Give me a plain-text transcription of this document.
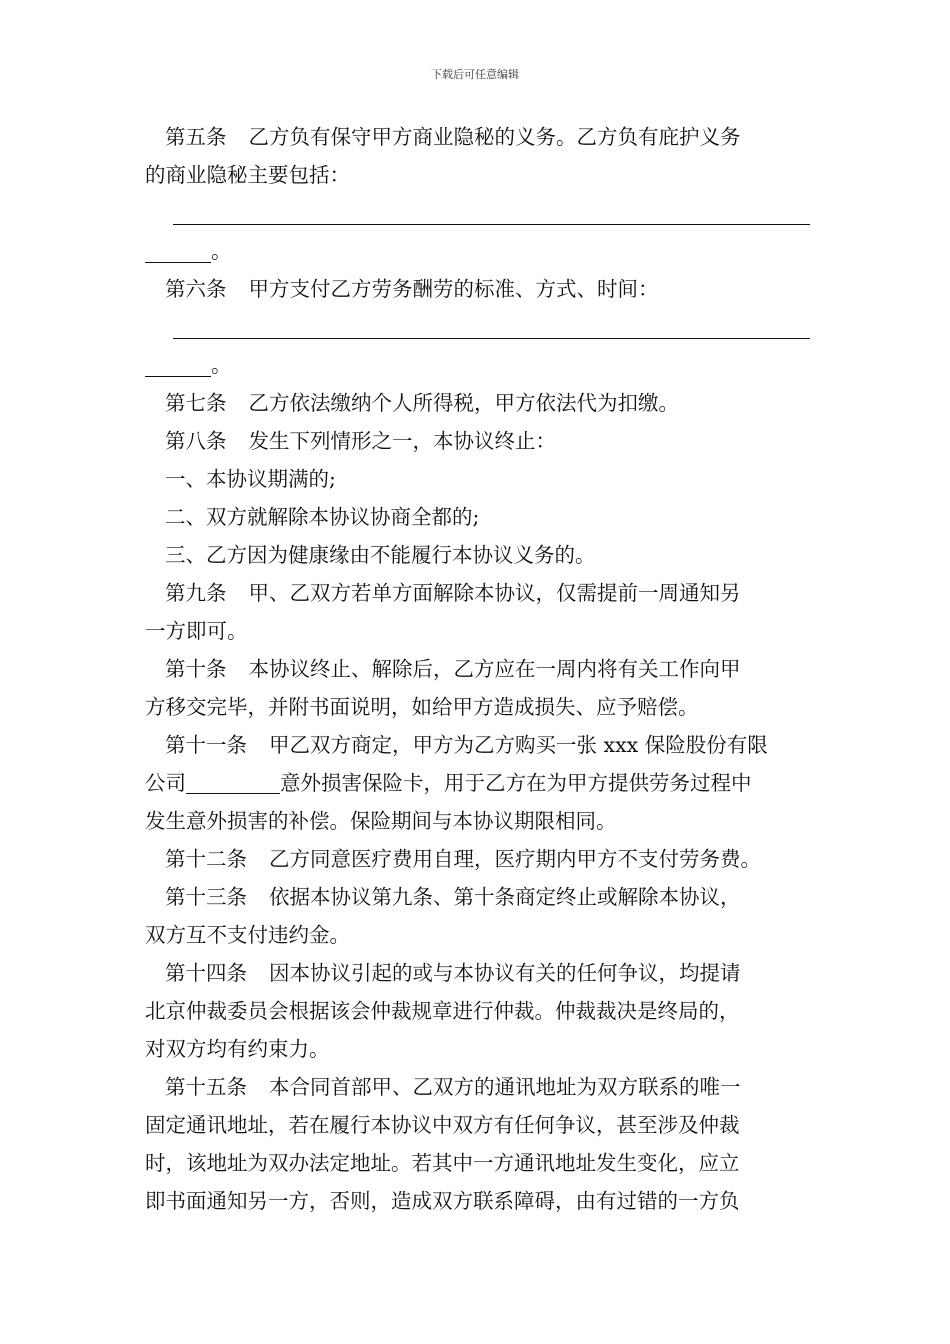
下载后可任意编辑
第五条 乙方负有保守甲方商业隐秘的义务。乙方负有庇护义务
的商业隐秘主要包括：
。
第六条 甲方支付乙方劳务酬劳的标准、方式、时间：
。
第七条 乙方依法缴纳个人所得税，甲方依法代为扣缴。
第八条 发生下列情形之一，本协议终止：
一、本协议期满的;
二、双方就解除本协议协商全都的;
三、乙方因为健康缘由不能履行本协议义务的。
第九条 甲、乙双方若单方面解除本协议，仅需提前一周通知另
一方即可。
第十条 本协议终止、解除后，乙方应在一周内将有关工作向甲
方移交完毕，并附书面说明，如给甲方造成损失、应予赔偿。
第十一条 甲乙双方商定，甲方为乙方购买一张 xxx 保险股份有限
公司	意外损害保险卡，用于乙方在为甲方提供劳务过程中
发生意外损害的补偿。保险期间与本协议期限相同。
第十二条 乙方同意医疗费用自理，医疗期内甲方不支付劳务费。
第十三条 依据本协议第九条、第十条商定终止或解除本协议，
双方互不支付违约金。
第十四条 因本协议引起的或与本协议有关的任何争议，均提请
北京仲裁委员会根据该会仲裁规章进行仲裁。仲裁裁决是终局的，
对双方均有约束力。
第十五条 本合同首部甲、乙双方的通讯地址为双方联系的唯一
固定通讯地址，若在履行本协议中双方有任何争议，甚至涉及仲裁
时，该地址为双办法定地址。若其中一方通讯地址发生变化，应立
即书面通知另一方，否则，造成双方联系障碍，由有过错的一方负
